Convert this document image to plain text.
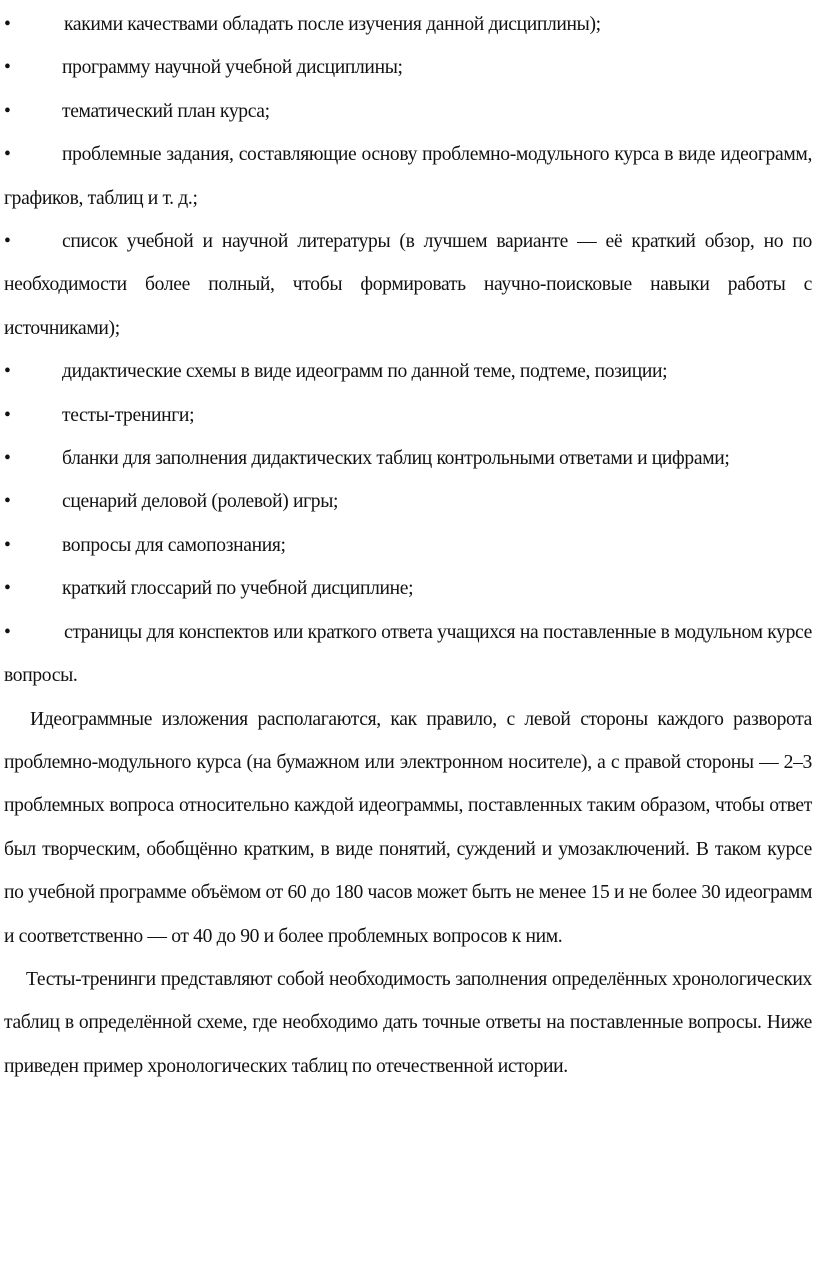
•	какими качествами обладать после изучения данной дисциплины);

•	программу научной учебной дисциплины;

•	тематический план курса;

•	проблемные задания, составляющие основу проблемно-модульного курса в виде идеограмм, графиков, таблиц и т. д.;

•	список учебной и научной литературы (в лучшем варианте — её краткий обзор, но по необходимости более полный, чтобы формировать научно-поисковые навыки работы с источниками);

•	дидактические схемы в виде идеограмм по данной теме, подтеме, позиции;

•	тесты-тренинги;

•	бланки для заполнения дидактических таблиц контрольными ответами и цифрами;

•	сценарий деловой (ролевой) игры;

•	вопросы для самопознания;

•	краткий глоссарий по учебной дисциплине;

•	страницы для конспектов или краткого ответа учащихся на поставленные в модульном курсе вопросы.

Идеограммные изложения располагаются, как правило, с левой стороны каждого разворота проблемно-модульного курса (на бумажном или электронном носителе), а с правой стороны — 2–3 проблемных вопроса относительно каждой идеограммы, поставленных таким образом, чтобы ответ был творческим, обобщённо кратким, в виде понятий, суждений и умозаключений. В таком курсе по учебной программе объёмом от 60 до 180 часов может быть не менее 15 и не более 30 идеограмм и соответственно — от 40 до 90 и более проблемных вопросов к ним.

Тесты-тренинги представляют собой необходимость заполнения определённых хронологических таблиц в определённой схеме, где необходимо дать точные ответы на поставленные вопросы. Ниже приведен пример хронологических таблиц по отечественной истории.
